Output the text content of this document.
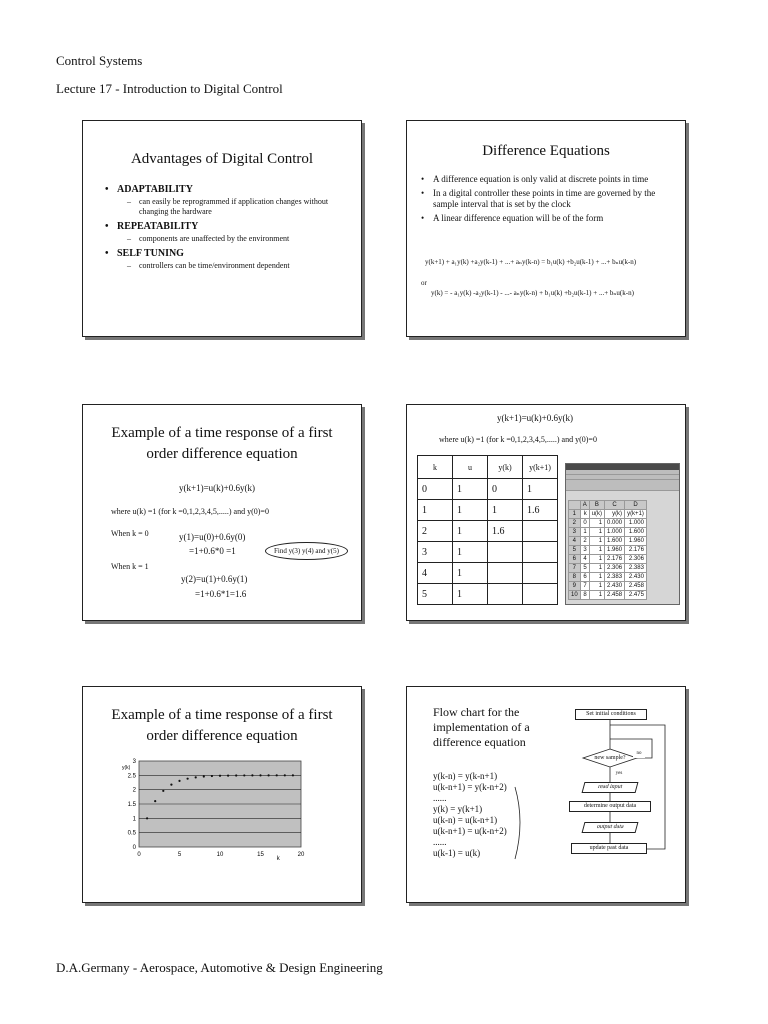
Control Systems
Lecture 17 - Introduction to Digital Control
Advantages of Digital Control
• ADAPTABILITY
– can easily be reprogrammed if application changes without changing the hardware
• REPEATABILITY
– components are unaffected by the environment
• SELF TUNING
– controllers can be time/environment dependent
Difference Equations
• A difference equation is only valid at discrete points in time
• In a digital controller these points in time are governed by the sample interval that is set by the clock
• A linear difference equation will be of the form
y(k+1) + a₁y(k) +a₂y(k-1) + ...+ aₙy(k-n) = b₁u(k) +b₂u(k-1) + ...+ bₙu(k-n)
or
y(k) = - a₁y(k) -a₂y(k-1) - ...- aₙy(k-n) + b₁u(k) +b₂u(k-1) + ...+ bₙu(k-n)
Example of a time response of a first order difference equation
y(k+1)=u(k)+0.6y(k)
where u(k) =1 (for k =0,1,2,3,4,5,.....) and y(0)=0
When k = 0	y(1)=u(0)+0.6y(0)
=1+0.6*0 =1	Find y(3) y(4) and y(5)
When k = 1
y(2)=u(1)+0.6y(1)
=1+0.6*1=1.6
y(k+1)=u(k)+0.6y(k)
where u(k) =1 (for k =0,1,2,3,4,5,.....) and y(0)=0
k	u	y(k)	y(k+1)
0	1	0	1
1	1	1	1.6
2	1	1.6	
3	1		
4	1		
5	1		
	A	B	C	D
1	k	u(k)	y(k)	y(k+1)
2	0	1	0.000	1.000
3	1	1	1.000	1.600
4	2	1	1.600	1.960
5	3	1	1.960	2.176
6	4	1	2.176	2.306
7	5	1	2.306	2.383
8	6	1	2.383	2.430
9	7	1	2.430	2.458
10	8	1	2.458	2.475
Example of a time response of a first order difference equation
0
0.5
1
1.5
2
2.5
3
0	5	10	15	20
y(k)
k
Flow chart for the implementation of a difference equation
y(k-n) = y(k-n+1)
u(k-n+1) = y(k-n+2)
......
y(k) = y(k+1)
u(k-n) = u(k-n+1)
u(k-n+1) = u(k-n+2)
......
u(k-1) = u(k)
Set initial conditions
new sample?
no
yes
read input
determine output data
output data
update past data
D.A.Germany - Aerospace, Automotive & Design Engineering
